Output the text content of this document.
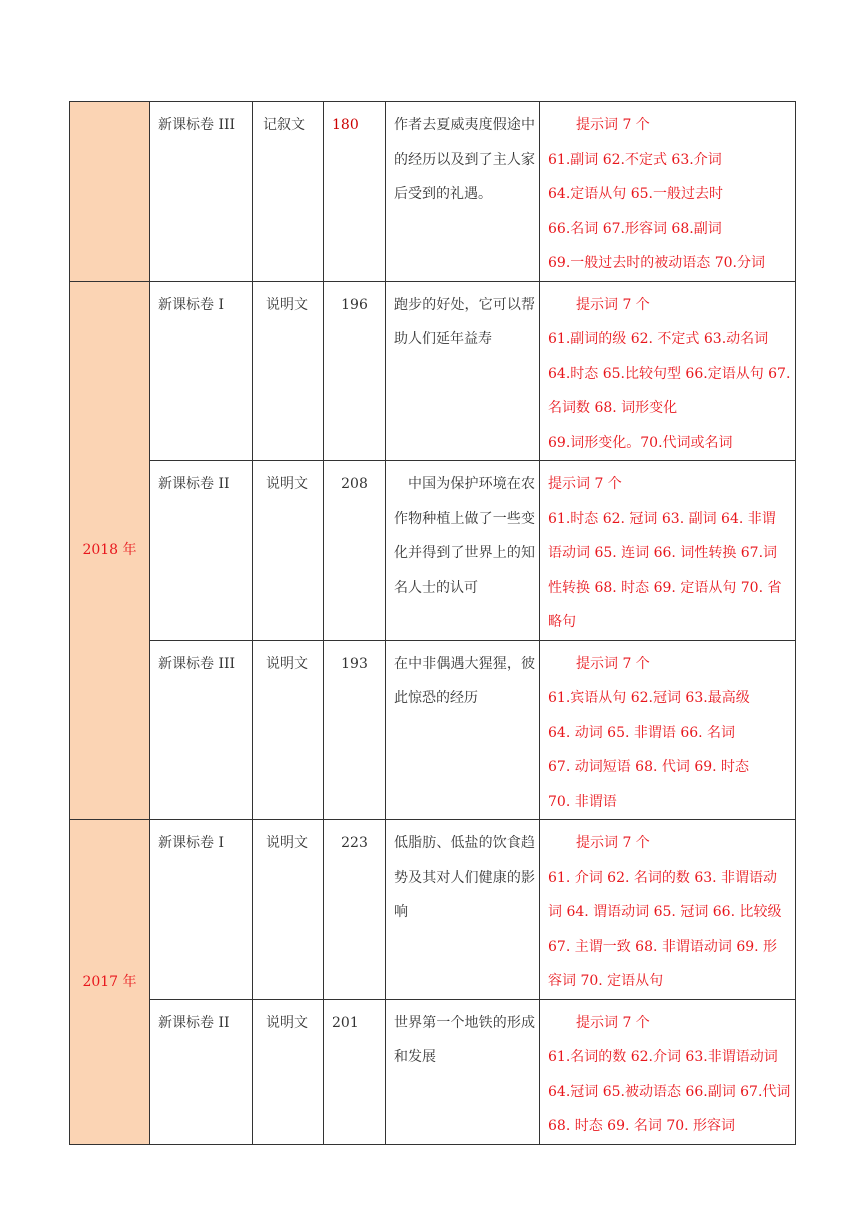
	新课标卷 III	记叙文	180	作者去夏威夷度假途中的经历以及到了主人家后受到的礼遇。	提示词 7 个
61.副词 62.不定式 63.介词
64.定语从句 65.一般过去时
66.名词 67.形容词 68.副词
69.一般过去时的被动语态 70.分词

2018 年	新课标卷 I	说明文	196	跑步的好处，它可以帮助人们延年益寿	提示词 7 个
61.副词的级 62. 不定式 63.动名词
64.时态 65.比较句型 66.定语从句 67.
名词数 68. 词形变化
69.词形变化。70.代词或名词

	新课标卷 II	说明文	208	中国为保护环境在农作物种植上做了一些变化并得到了世界上的知名人士的认可	提示词 7 个
61.时态 62. 冠词 63. 副词 64. 非谓
语动词 65. 连词 66. 词性转换 67.词
性转换 68. 时态 69. 定语从句 70. 省
略句

	新课标卷 III	说明文	193	在中非偶遇大猩猩，彼此惊恐的经历	提示词 7 个
61.宾语从句 62.冠词 63.最高级
64. 动词 65. 非谓语 66. 名词
67. 动词短语 68. 代词 69. 时态
70. 非谓语

2017 年	新课标卷 I	说明文	223	低脂肪、低盐的饮食趋势及其对人们健康的影响	提示词 7 个
61. 介词 62. 名词的数 63. 非谓语动
词 64. 谓语动词 65. 冠词 66. 比较级
67. 主谓一致 68. 非谓语动词 69. 形
容词 70. 定语从句

	新课标卷 II	说明文	201	世界第一个地铁的形成和发展	提示词 7 个
61.名词的数 62.介词 63.非谓语动词
64.冠词 65.被动语态 66.副词 67.代词
68. 时态 69. 名词 70. 形容词
